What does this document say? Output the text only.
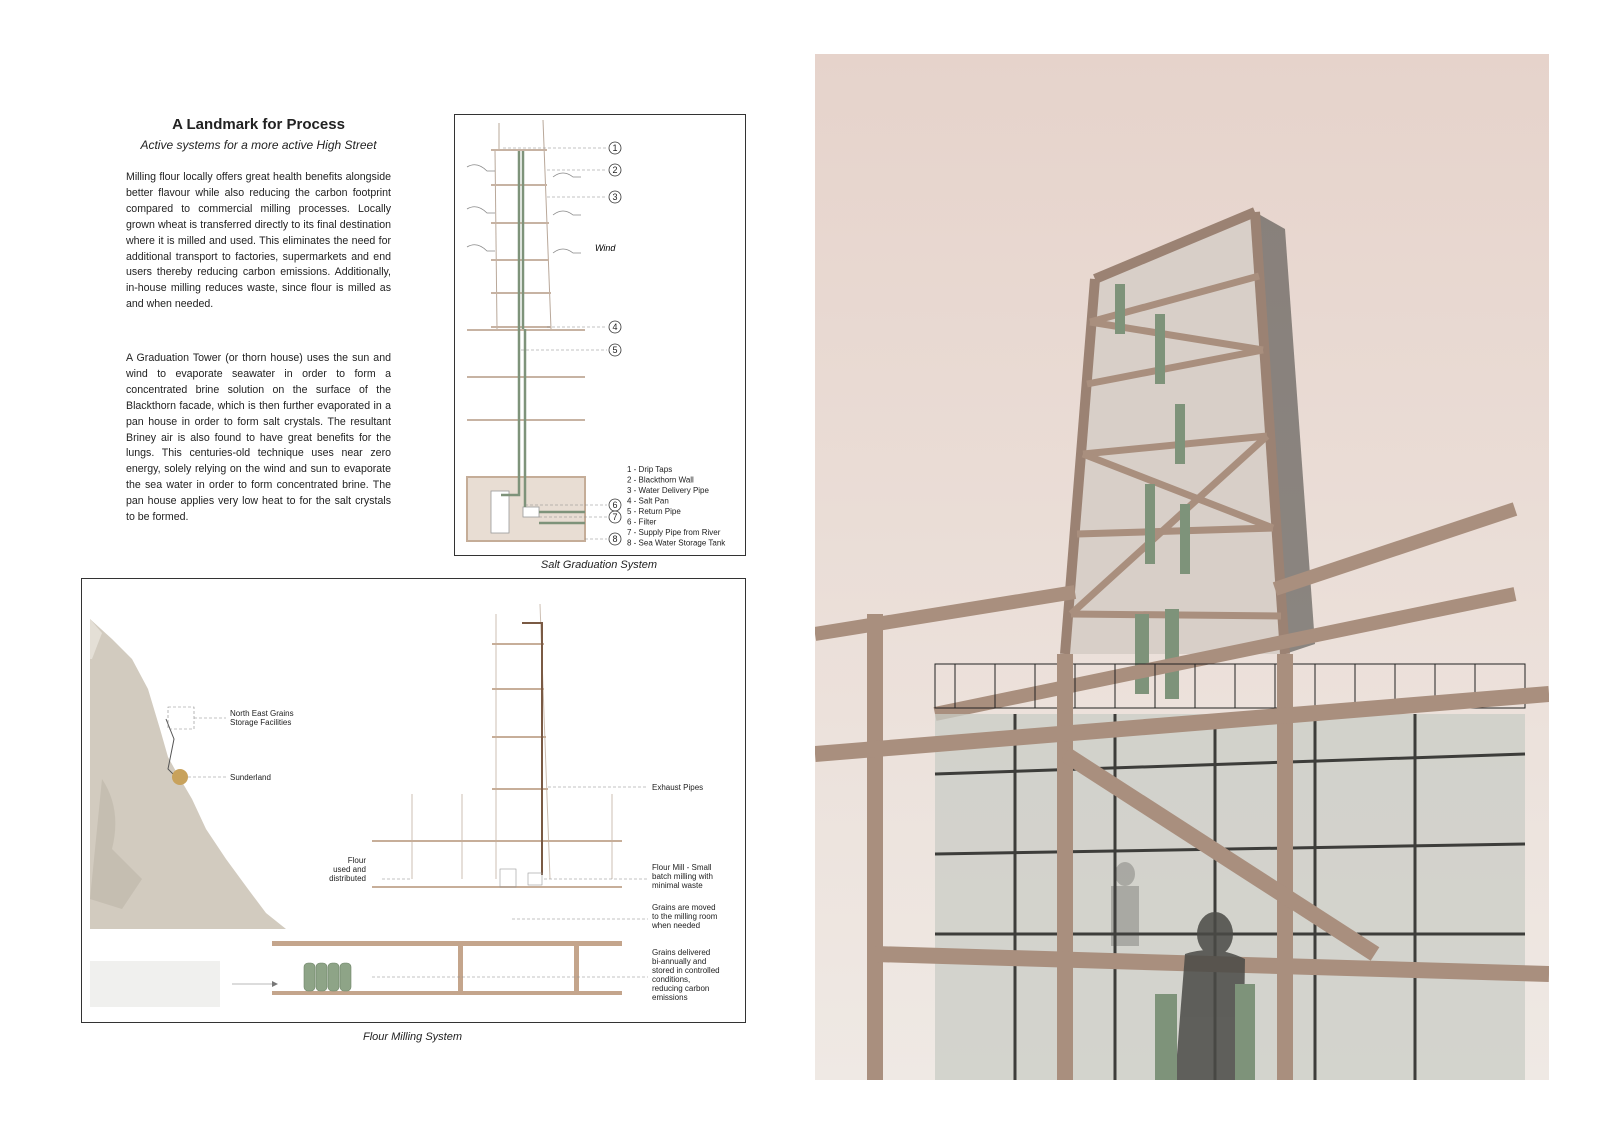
A Landmark for Process
Active systems for a more active High Street

Milling flour locally offers great health benefits alongside better flavour while also reducing the carbon footprint compared to commercial milling processes. Locally grown wheat is transferred directly to its final destination where it is milled and used. This eliminates the need for additional transport to factories, supermarkets and end users thereby reducing carbon emissions. Additionally, in-house milling reduces waste, since flour is milled as and when needed.

A Graduation Tower (or thorn house) uses the sun and wind to evaporate seawater in order to form a concentrated brine solution on the surface of the Blackthorn facade, which is then further evaporated in a pan house in order to form salt crystals. The resultant Briney air is also found to have great benefits for the lungs. This centuries-old technique uses near zero energy, solely relying on the wind and sun to evaporate the sea water in order to form concentrated brine. The pan house applies very low heat to for the salt crystals to be formed.

Wind
1
2
3
4
5
6
7
8
1 - Drip Taps
2 - Blackthorn Wall
3 - Water Delivery Pipe
4 - Salt Pan
5 - Return Pipe
6 - Filter
7 - Supply Pipe from River
8 - Sea Water Storage Tank
Salt Graduation System
North East Grains
Storage Facilities
Sunderland
Flour
used and
distributed
Exhaust Pipes
Flour Mill - Small
batch milling with
minimal waste
Grains are moved
to the milling room
when needed
Grains delivered
bi-annually and
stored in controlled
conditions,
reducing carbon
emissions
Flour Milling System
